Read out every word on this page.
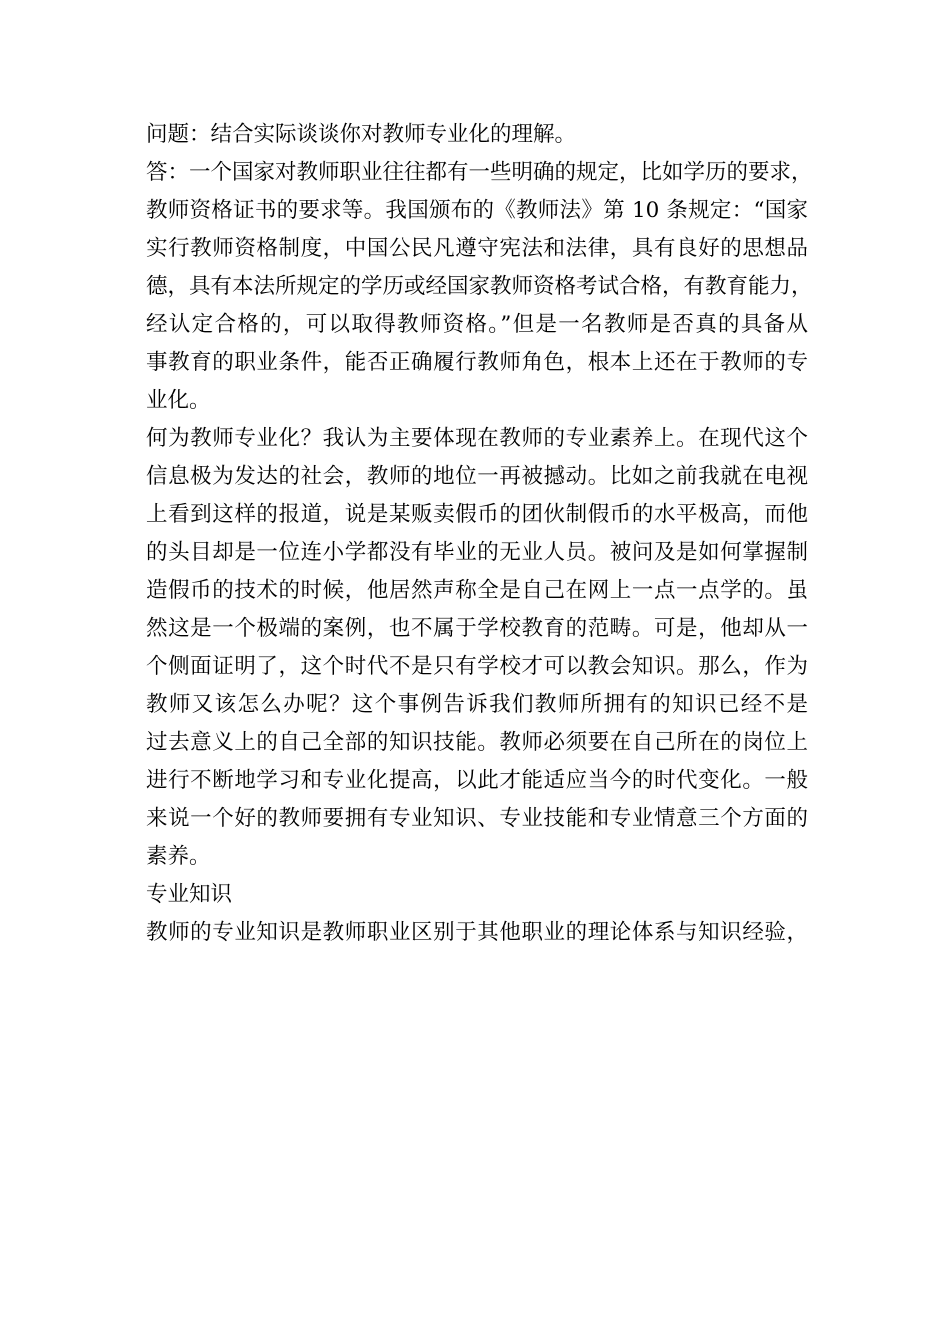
问题：结合实际谈谈你对教师专业化的理解。
答：一个国家对教师职业往往都有一些明确的规定，比如学历的要求，
教师资格证书的要求等。我国颁布的《教师法》第 10 条规定：“国家
实行教师资格制度，中国公民凡遵守宪法和法律，具有良好的思想品
德，具有本法所规定的学历或经国家教师资格考试合格，有教育能力，
经认定合格的，可以取得教师资格。”但是一名教师是否真的具备从
事教育的职业条件，能否正确履行教师角色，根本上还在于教师的专
业化。
何为教师专业化？我认为主要体现在教师的专业素养上。在现代这个
信息极为发达的社会，教师的地位一再被撼动。比如之前我就在电视
上看到这样的报道，说是某贩卖假币的团伙制假币的水平极高，而他
的头目却是一位连小学都没有毕业的无业人员。被问及是如何掌握制
造假币的技术的时候，他居然声称全是自己在网上一点一点学的。虽
然这是一个极端的案例，也不属于学校教育的范畴。可是，他却从一
个侧面证明了，这个时代不是只有学校才可以教会知识。那么，作为
教师又该怎么办呢？这个事例告诉我们教师所拥有的知识已经不是
过去意义上的自己全部的知识技能。教师必须要在自己所在的岗位上
进行不断地学习和专业化提高，以此才能适应当今的时代变化。一般
来说一个好的教师要拥有专业知识、专业技能和专业情意三个方面的
素养。
专业知识
教师的专业知识是教师职业区别于其他职业的理论体系与知识经验，
